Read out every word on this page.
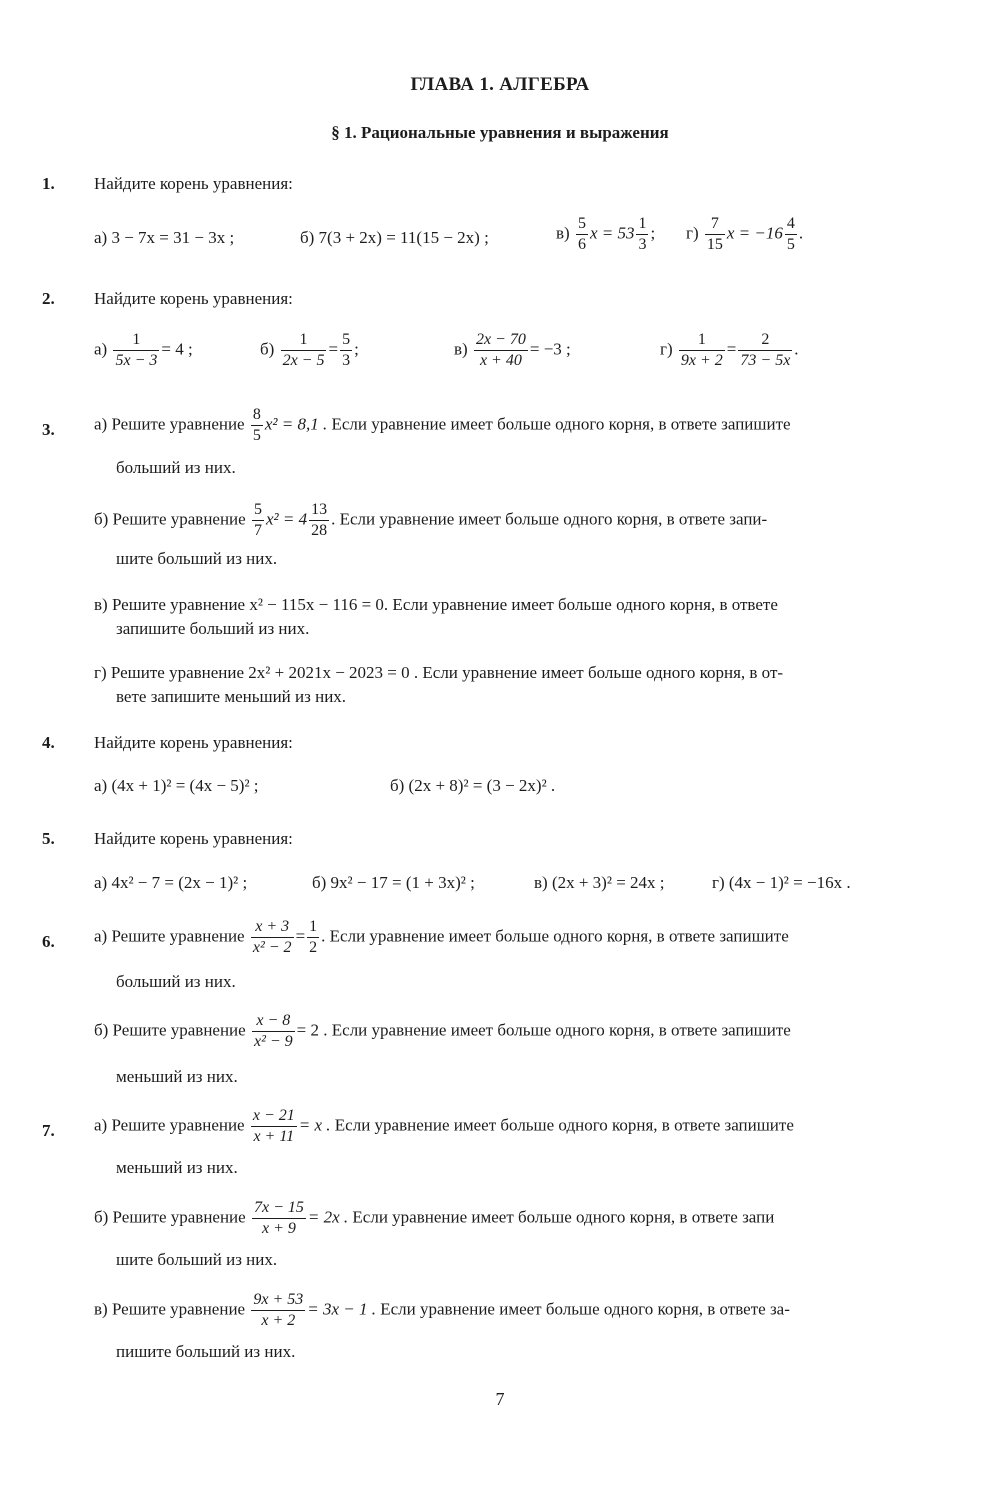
ГЛАВА 1. АЛГЕБРА
§ 1. Рациональные уравнения и выражения
1. Найдите корень уравнения:
а) 3 − 7x = 31 − 3x ;	б) 7(3 + 2x) = 11(15 − 2x) ;	$в) \frac{5}{6}$ $x = 53 \frac{1}{3}$ ; $г) \frac{7}{15}$ $x = -16 \frac{4}{5}$ .
2. Найдите корень уравнения:
$а) \frac{1}{5x - 3} = 4$ ;	$б) \frac{1}{2x - 5} = \frac{5}{3}$ ;	$в) \frac{2x - 70}{x + 40} = -3$ ;	$г) \frac{1}{9x + 2} = \frac{2}{73 - 5x}$ .
3. а) Решите уравнение $\frac{8}{5} x^2 = 8,1$ . Если уравнение имеет больше одного корня, в ответе запишите
больший из них.
б) Решите уравнение $\frac{5}{7} x^2 = 4 \frac{13}{28}$ . Если уравнение имеет больше одного корня, в ответе запи-
шите больший из них.
в) Решите уравнение x² − 115x − 116 = 0. Если уравнение имеет больше одного корня, в ответе
запишите больший из них.
г) Решите уравнение 2x² + 2021x − 2023 = 0 . Если уравнение имеет больше одного корня, в от-
вете запишите меньший из них.
4. Найдите корень уравнения:
а) (4x + 1)² = (4x − 5)² ;	б) (2x + 8)² = (3 − 2x)² .
5. Найдите корень уравнения:
а) 4x² − 7 = (2x − 1)² ;	б) 9x² − 17 = (1 + 3x)² ;	в) (2x + 3)² = 24x ;	г) (4x − 1)² = −16x .
6. а) Решите уравнение $\frac{x + 3}{\text{x² − 2}} = \frac{1}{2}$ . Если уравнение имеет больше одного корня, в ответе запишите
больший из них.
б) Решите уравнение $\frac{x - 8}{\text{x² − 9}} = 2$ . Если уравнение имеет больше одного корня, в ответе запишите
меньший из них.
7. а) Решите уравнение $\frac{x - 21}{x + 11} = x$ . Если уравнение имеет больше одного корня, в ответе запишите
меньший из них.
б) Решите уравнение $\frac{7x - 15}{x + 9} = 2x$ . Если уравнение имеет больше одного корня, в ответе запи
шите больший из них.
в) Решите уравнение $\frac{9x + 53}{x + 2} = 3x - 1$ . Если уравнение имеет больше одного корня, в ответе за-
пишите больший из них.
7
